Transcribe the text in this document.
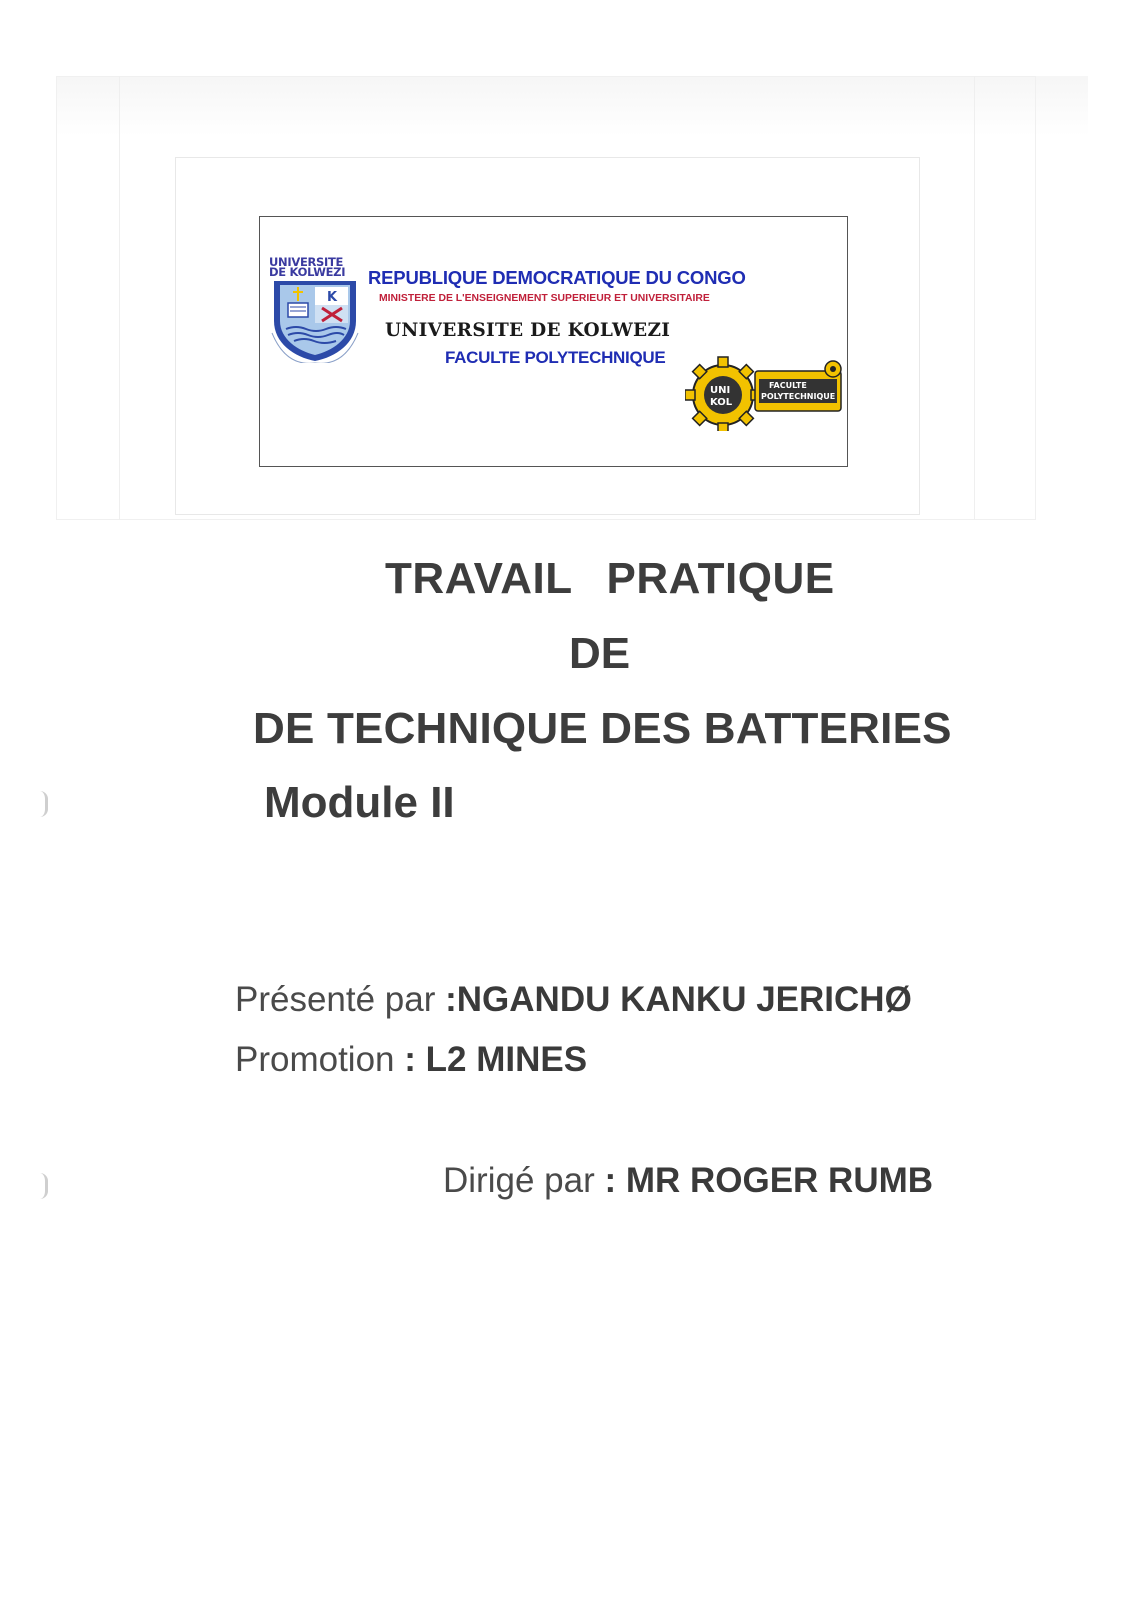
UNIVERSITE
DE KOLWEZI
K
REPUBLIQUE DEMOCRATIQUE DU CONGO
MINISTERE DE L'ENSEIGNEMENT SUPERIEUR ET UNIVERSITAIRE
UNIVERSITE DE KOLWEZI
FACULTE POLYTECHNIQUE
UNI
KOL
FACULTE
POLYTECHNIQUE
TRAVAIL PRATIQUE
DE
DE TECHNIQUE DES BATTERIES
Module II
Présenté par :NGANDU KANKU JERICHØ
Promotion : L2 MINES
Dirigé par : MR ROGER RUMB
